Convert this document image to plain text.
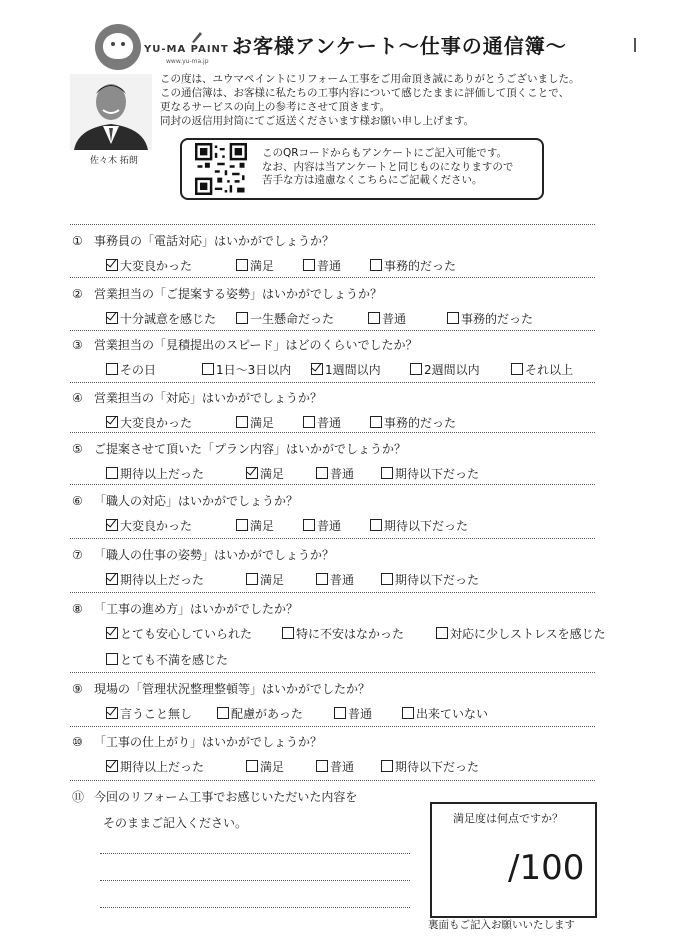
YU-MA PAINT
www.yu-ma.jp
お客様アンケート～仕事の通信簿～
この度は、ユウマペイントにリフォーム工事をご用命頂き誠にありがとうございました。
この通信簿は、お客様に私たちの工事内容について感じたままに評価して頂くことで、
更なるサービスの向上の参考にさせて頂きます。
同封の返信用封筒にてご返送くださいます様お願い申し上げます。
佐々木 拓朗
このQRコードからもアンケートにご記入可能です。
なお、内容は当アンケートと同じものになりますので
苦手な方は遠慮なくこちらにご記載ください。
① 事務員の「電話対応」はいかがでしょうか？
大変良かった	満足	普通	事務的だった
② 営業担当の「ご提案する姿勢」はいかがでしょうか？
十分誠意を感じた	一生懸命だった	普通	事務的だった
③ 営業担当の「見積提出のスピード」はどのくらいでしたか？
その日	1日～3日以内	1週間以内	2週間以内	それ以上
④ 営業担当の「対応」はいかがでしょうか？
大変良かった	満足	普通	事務的だった
⑤ ご提案させて頂いた「プラン内容」はいかがでしょうか？
期待以上だった	満足	普通	期待以下だった
⑥ 「職人の対応」はいかがでしょうか？
大変良かった	満足	普通	期待以下だった
⑦ 「職人の仕事の姿勢」はいかがでしょうか？
期待以上だった	満足	普通	期待以下だった
⑧ 「工事の進め方」はいかがでしたか？
とても安心していられた	特に不安はなかった	対応に少しストレスを感じた
とても不満を感じた
⑨ 現場の「管理状況整理整頓等」はいかがでしたか？
言うこと無し	配慮があった	普通	出来ていない
⑩ 「工事の仕上がり」はいかがでしょうか？
期待以上だった	満足	普通	期待以下だった
⑪ 今回のリフォーム工事でお感じいただいた内容を
そのままご記入ください。	満足度は何点ですか？
/100
裏面もご記入お願いいたします
